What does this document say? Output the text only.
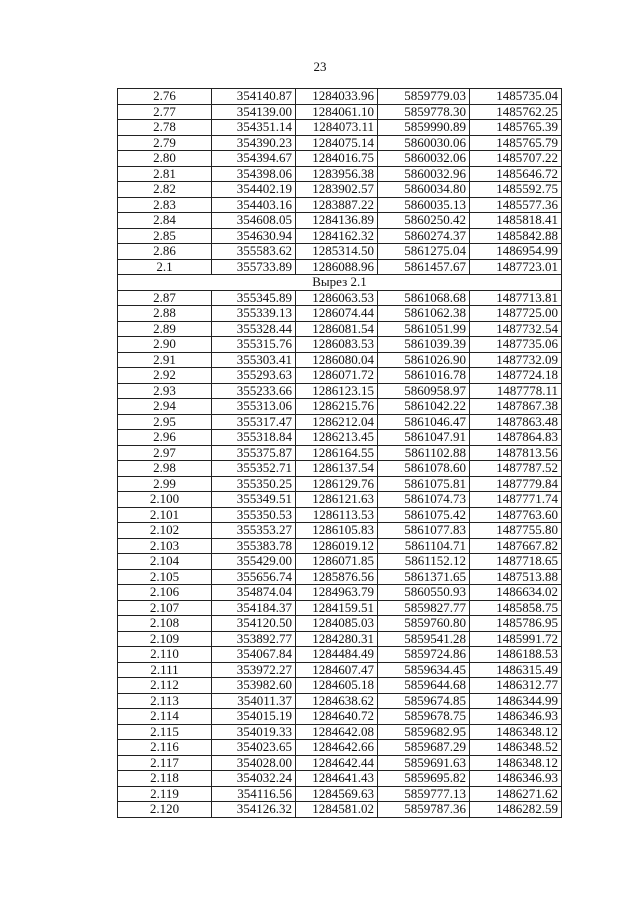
23
2.76	354140.87	1284033.96	5859779.03	1485735.04
2.77	354139.00	1284061.10	5859778.30	1485762.25
2.78	354351.14	1284073.11	5859990.89	1485765.39
2.79	354390.23	1284075.14	5860030.06	1485765.79
2.80	354394.67	1284016.75	5860032.06	1485707.22
2.81	354398.06	1283956.38	5860032.96	1485646.72
2.82	354402.19	1283902.57	5860034.80	1485592.75
2.83	354403.16	1283887.22	5860035.13	1485577.36
2.84	354608.05	1284136.89	5860250.42	1485818.41
2.85	354630.94	1284162.32	5860274.37	1485842.88
2.86	355583.62	1285314.50	5861275.04	1486954.99
2.1	355733.89	1286088.96	5861457.67	1487723.01
Вырез 2.1				
2.87	355345.89	1286063.53	5861068.68	1487713.81
2.88	355339.13	1286074.44	5861062.38	1487725.00
2.89	355328.44	1286081.54	5861051.99	1487732.54
2.90	355315.76	1286083.53	5861039.39	1487735.06
2.91	355303.41	1286080.04	5861026.90	1487732.09
2.92	355293.63	1286071.72	5861016.78	1487724.18
2.93	355233.66	1286123.15	5860958.97	1487778.11
2.94	355313.06	1286215.76	5861042.22	1487867.38
2.95	355317.47	1286212.04	5861046.47	1487863.48
2.96	355318.84	1286213.45	5861047.91	1487864.83
2.97	355375.87	1286164.55	5861102.88	1487813.56
2.98	355352.71	1286137.54	5861078.60	1487787.52
2.99	355350.25	1286129.76	5861075.81	1487779.84
2.100	355349.51	1286121.63	5861074.73	1487771.74
2.101	355350.53	1286113.53	5861075.42	1487763.60
2.102	355353.27	1286105.83	5861077.83	1487755.80
2.103	355383.78	1286019.12	5861104.71	1487667.82
2.104	355429.00	1286071.85	5861152.12	1487718.65
2.105	355656.74	1285876.56	5861371.65	1487513.88
2.106	354874.04	1284963.79	5860550.93	1486634.02
2.107	354184.37	1284159.51	5859827.77	1485858.75
2.108	354120.50	1284085.03	5859760.80	1485786.95
2.109	353892.77	1284280.31	5859541.28	1485991.72
2.110	354067.84	1284484.49	5859724.86	1486188.53
2.111	353972.27	1284607.47	5859634.45	1486315.49
2.112	353982.60	1284605.18	5859644.68	1486312.77
2.113	354011.37	1284638.62	5859674.85	1486344.99
2.114	354015.19	1284640.72	5859678.75	1486346.93
2.115	354019.33	1284642.08	5859682.95	1486348.12
2.116	354023.65	1284642.66	5859687.29	1486348.52
2.117	354028.00	1284642.44	5859691.63	1486348.12
2.118	354032.24	1284641.43	5859695.82	1486346.93
2.119	354116.56	1284569.63	5859777.13	1486271.62
2.120	354126.32	1284581.02	5859787.36	1486282.59
